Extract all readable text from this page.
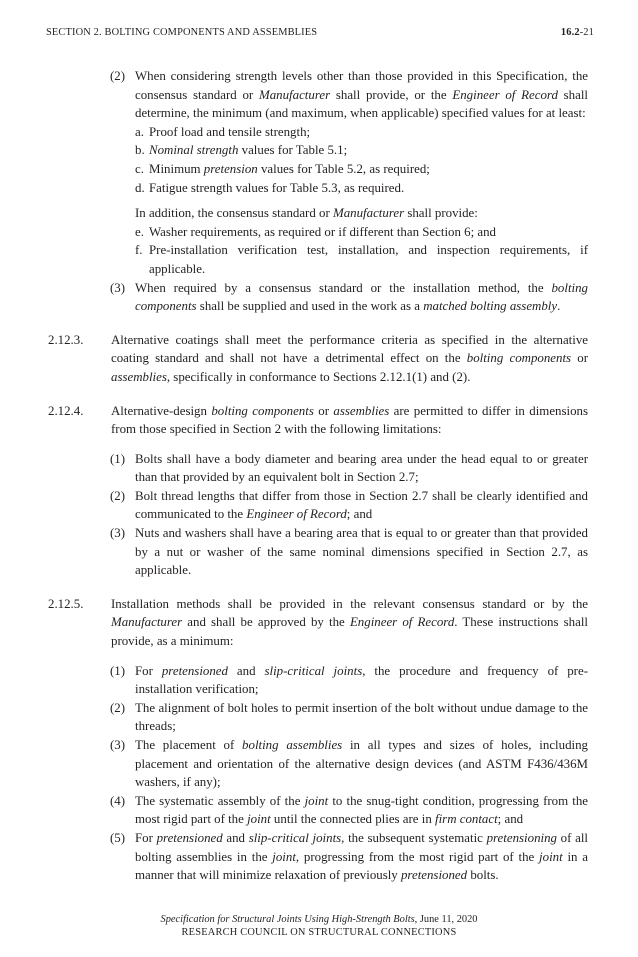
SECTION 2. BOLTING COMPONENTS AND ASSEMBLIES	16.2-21
(2) When considering strength levels other than those provided in this Specification, the consensus standard or Manufacturer shall provide, or the Engineer of Record shall determine, the minimum (and maximum, when applicable) specified values for at least:
a. Proof load and tensile strength;
b. Nominal strength values for Table 5.1;
c. Minimum pretension values for Table 5.2, as required;
d. Fatigue strength values for Table 5.3, as required.
In addition, the consensus standard or Manufacturer shall provide:
e. Washer requirements, as required or if different than Section 6; and
f. Pre-installation verification test, installation, and inspection requirements, if applicable.
(3) When required by a consensus standard or the installation method, the bolting components shall be supplied and used in the work as a matched bolting assembly.
2.12.3. Alternative coatings shall meet the performance criteria as specified in the alternative coating standard and shall not have a detrimental effect on the bolting components or assemblies, specifically in conformance to Sections 2.12.1(1) and (2).
2.12.4. Alternative-design bolting components or assemblies are permitted to differ in dimensions from those specified in Section 2 with the following limitations:
(1) Bolts shall have a body diameter and bearing area under the head equal to or greater than that provided by an equivalent bolt in Section 2.7;
(2) Bolt thread lengths that differ from those in Section 2.7 shall be clearly identified and communicated to the Engineer of Record; and
(3) Nuts and washers shall have a bearing area that is equal to or greater than that provided by a nut or washer of the same nominal dimensions specified in Section 2.7, as applicable.
2.12.5. Installation methods shall be provided in the relevant consensus standard or by the Manufacturer and shall be approved by the Engineer of Record. These instructions shall provide, as a minimum:
(1) For pretensioned and slip-critical joints, the procedure and frequency of pre-installation verification;
(2) The alignment of bolt holes to permit insertion of the bolt without undue damage to the threads;
(3) The placement of bolting assemblies in all types and sizes of holes, including placement and orientation of the alternative design devices (and ASTM F436/436M washers, if any);
(4) The systematic assembly of the joint to the snug-tight condition, progressing from the most rigid part of the joint until the connected plies are in firm contact; and
(5) For pretensioned and slip-critical joints, the subsequent systematic pretensioning of all bolting assemblies in the joint, progressing from the most rigid part of the joint in a manner that will minimize relaxation of previously pretensioned bolts.
Specification for Structural Joints Using High-Strength Bolts, June 11, 2020
RESEARCH COUNCIL ON STRUCTURAL CONNECTIONS
